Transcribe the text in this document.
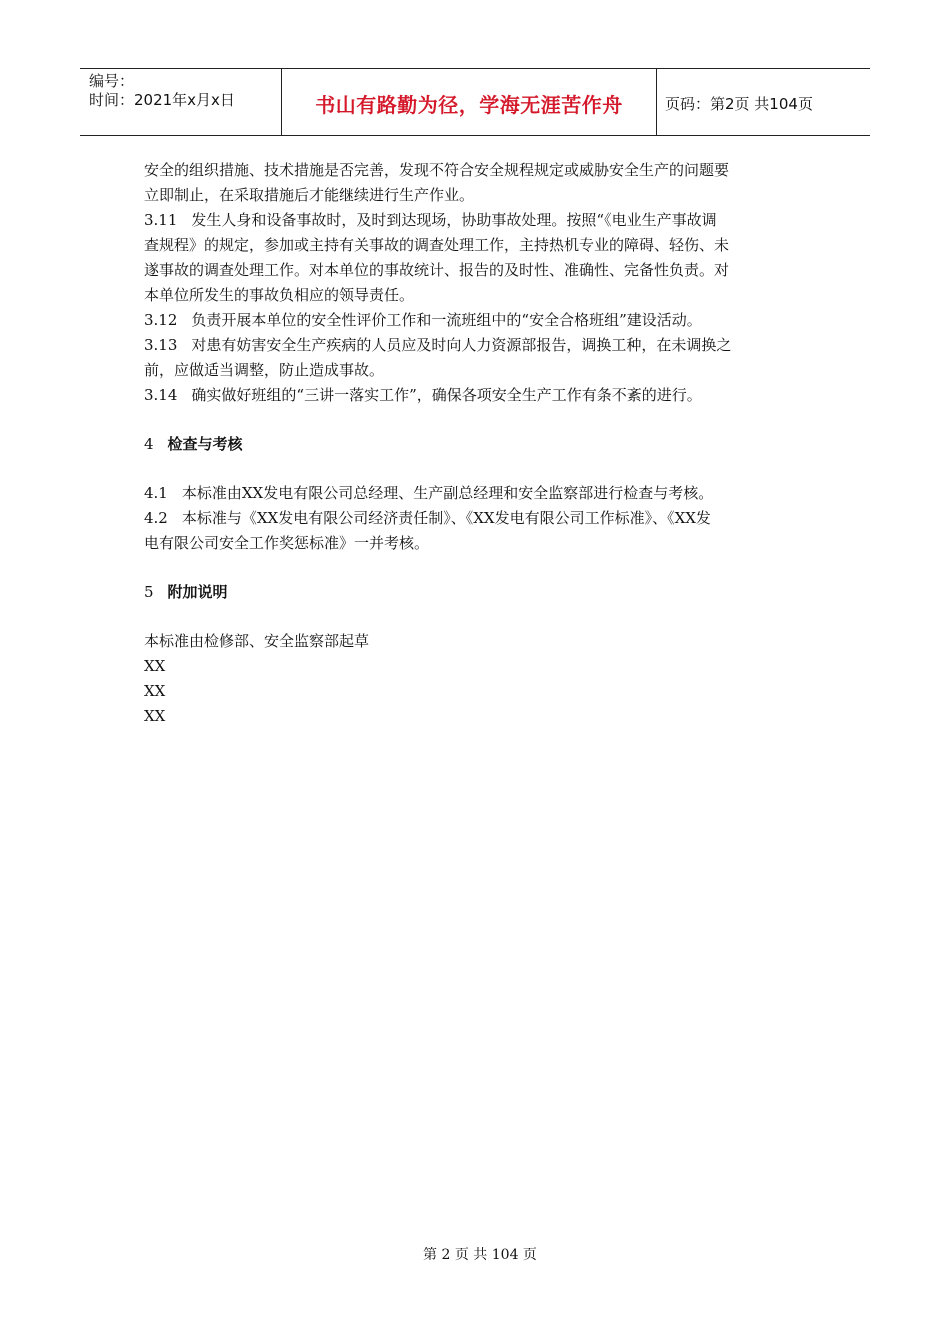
编号：
时间：2021年x月x日	书山有路勤为径，学海无涯苦作舟	页码：第2页 共104页

安全的组织措施、技术措施是否完善，发现不符合安全规程规定或威胁安全生产的问题要

立即制止，在采取措施后才能继续进行生产作业。

3.11 发生人身和设备事故时，及时到达现场，协助事故处理。按照“《电业生产事故调

查规程》的规定，参加或主持有关事故的调查处理工作，主持热机专业的障碍、轻伤、未

遂事故的调查处理工作。对本单位的事故统计、报告的及时性、准确性、完备性负责。对

本单位所发生的事故负相应的领导责任。

3.12 负责开展本单位的安全性评价工作和一流班组中的“安全合格班组”建设活动。

3.13 对患有妨害安全生产疾病的人员应及时向人力资源部报告，调换工种，在未调换之

前，应做适当调整，防止造成事故。

3.14 确实做好班组的“三讲一落实工作”，确保各项安全生产工作有条不紊的进行。

4 检查与考核

4.1 本标准由XX发电有限公司总经理、生产副总经理和安全监察部进行检查与考核。

4.2 本标准与《XX发电有限公司经济责任制》、《XX发电有限公司工作标准》、《XX发

电有限公司安全工作奖惩标准》一并考核。

5 附加说明

本标准由检修部、安全监察部起草

XX

XX

XX

第 2 页 共 104 页
